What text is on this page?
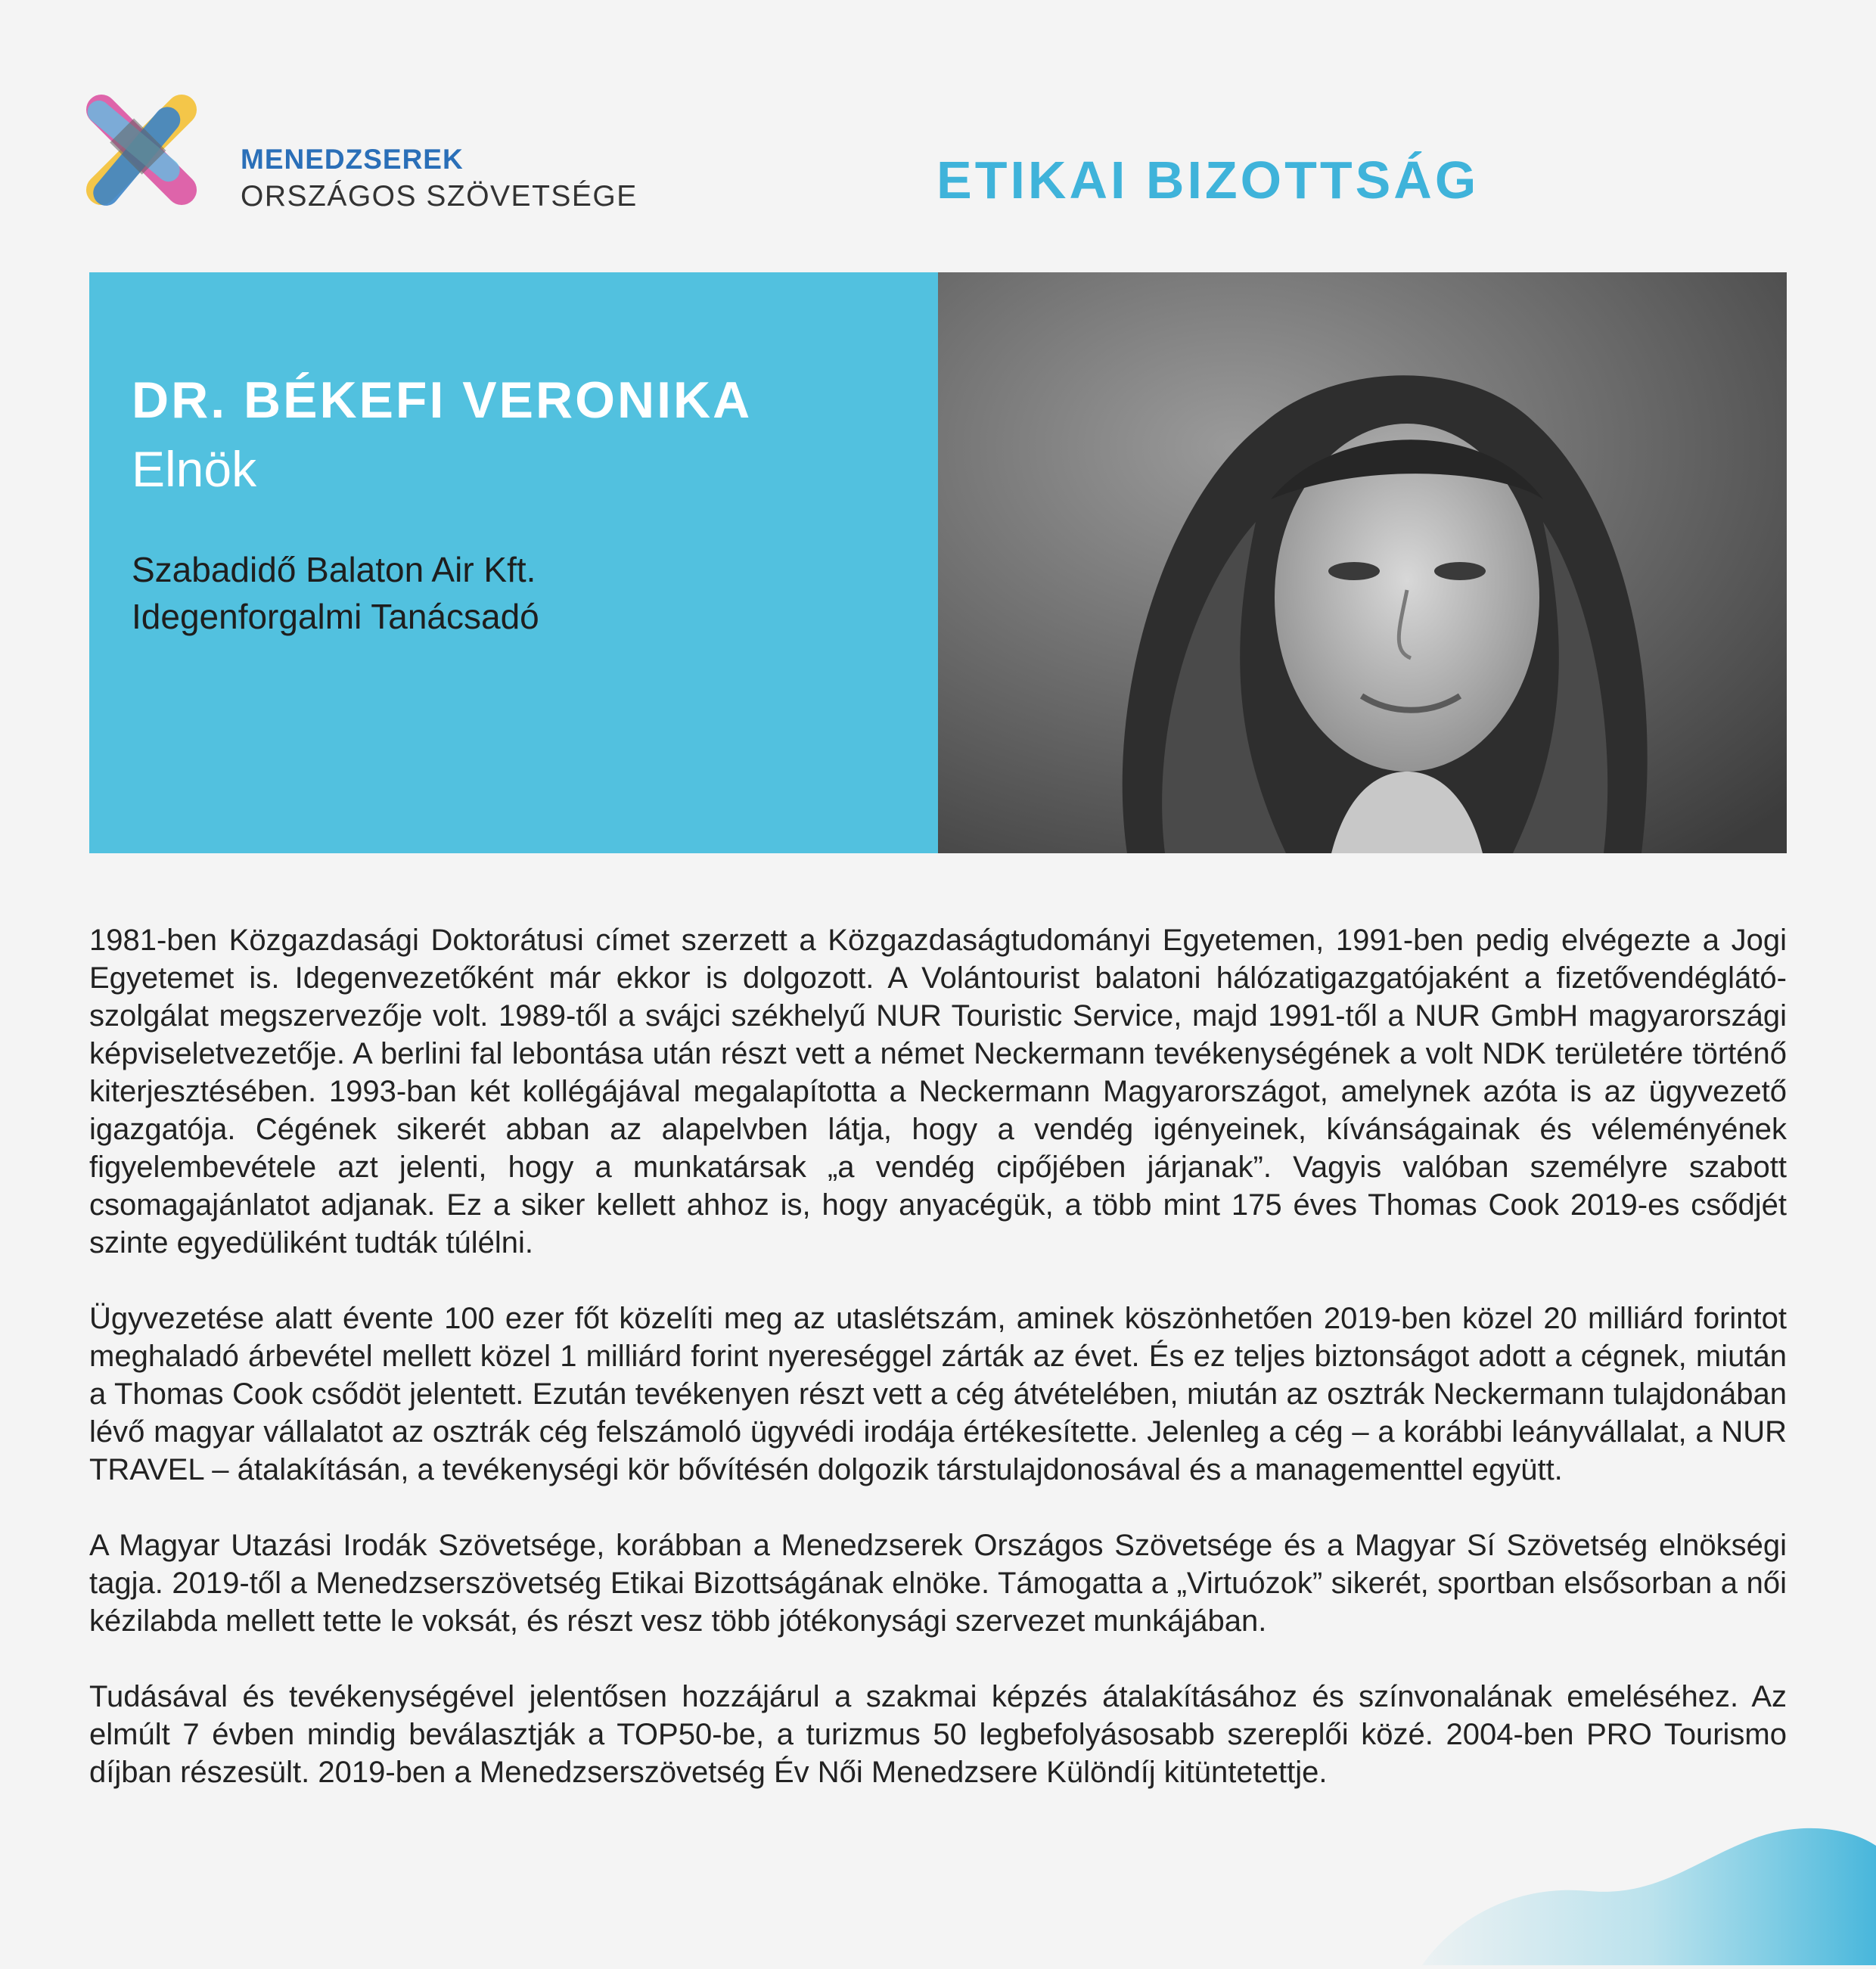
MENEDZSEREK
ORSZÁGOS SZÖVETSÉGE	ETIKAI BIZOTTSÁG
DR. BÉKEFI VERONIKA
Elnök
Szabadidő Balaton Air Kft.
Idegenforgalmi Tanácsadó

1981-ben Közgazdasági Doktorátusi címet szerzett a Közgazdaságtudományi Egyetemen, 1991-ben pedig elvégezte a Jogi Egyetemet is. Idegenvezetőként már ekkor is dolgozott. A Volántourist balatoni hálózatigazgatójaként a fizetővendéglátó-szolgálat megszervezője volt. 1989-től a svájci székhelyű NUR Touristic Service, majd 1991-től a NUR GmbH magyarországi képviseletvezetője. A berlini fal lebontása után részt vett a német Neckermann tevékenységének a volt NDK területére történő kiterjesztésében. 1993-ban két kollégájával megalapította a Neckermann Magyarországot, amelynek azóta is az ügyvezető igazgatója. Cégének sikerét abban az alapelvben látja, hogy a vendég igényeinek, kívánságainak és véleményének figyelembevétele azt jelenti, hogy a munkatársak „a vendég cipőjében járjanak”. Vagyis valóban személyre szabott csomagajánlatot adjanak. Ez a siker kellett ahhoz is, hogy anyacégük, a több mint 175 éves Thomas Cook 2019-es csődjét szinte egyedüliként tudták túlélni.

Ügyvezetése alatt évente 100 ezer főt közelíti meg az utaslétszám, aminek köszönhetően 2019-ben közel 20 milliárd forintot meghaladó árbevétel mellett közel 1 milliárd forint nyereséggel zárták az évet. És ez teljes biztonságot adott a cégnek, miután a Thomas Cook csődöt jelentett. Ezután tevékenyen részt vett a cég átvételében, miután az osztrák Neckermann tulajdonában lévő magyar vállalatot az osztrák cég felszámoló ügyvédi irodája értékesítette. Jelenleg a cég – a korábbi leányvállalat, a NUR TRAVEL – átalakításán, a tevékenységi kör bővítésén dolgozik társtulajdonosával és a managementtel együtt.

A Magyar Utazási Irodák Szövetsége, korábban a Menedzserek Országos Szövetsége és a Magyar Sí Szövetség elnökségi tagja. 2019-től a Menedzserszövetség Etikai Bizottságának elnöke. Támogatta a „Virtuózok” sikerét, sportban elsősorban a női kézilabda mellett tette le voksát, és részt vesz több jótékonysági szervezet munkájában.

Tudásával és tevékenységével jelentősen hozzájárul a szakmai képzés átalakításához és színvonalának emeléséhez. Az elmúlt 7 évben mindig beválasztják a TOP50-be, a turizmus 50 legbefolyásosabb szereplői közé. 2004-ben PRO Tourismo díjban részesült. 2019-ben a Menedzserszövetség Év Női Menedzsere Különdíj kitüntetettje.
